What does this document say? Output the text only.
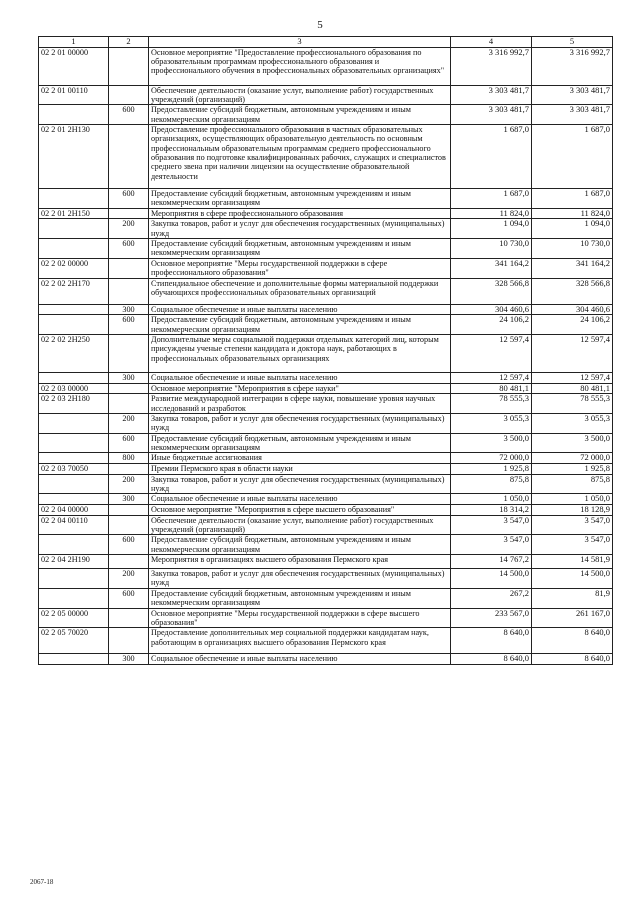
5
1	2	3	4	5
02 2 01 00000		Основное мероприятие "Предоставление профессионального образования по образовательным программам профессионального образования и профессионального обучения в профессиональных образовательных организациях"	3 316 992,7	3 316 992,7
02 2 01 00110		Обеспечение деятельности (оказание услуг, выполнение работ) государственных учреждений (организаций)	3 303 481,7	3 303 481,7
	600	Предоставление субсидий бюджетным, автономным учреждениям и иным некоммерческим организациям	3 303 481,7	3 303 481,7
02 2 01 2Н130		Предоставление профессионального образования в частных образовательных организациях, осуществляющих образовательную деятельность по основным профессиональным образовательным программам среднего профессионального образования по подготовке квалифицированных рабочих, служащих и специалистов среднего звена при наличии лицензии на осуществление образовательной деятельности	1 687,0	1 687,0
	600	Предоставление субсидий бюджетным, автономным учреждениям и иным некоммерческим организациям	1 687,0	1 687,0
02 2 01 2Н150		Мероприятия в сфере профессионального образования	11 824,0	11 824,0
	200	Закупка товаров, работ и услуг для обеспечения государственных (муниципальных) нужд	1 094,0	1 094,0
	600	Предоставление субсидий бюджетным, автономным учреждениям и иным некоммерческим организациям	10 730,0	10 730,0
02 2 02 00000		Основное мероприятие "Меры государственной поддержки в сфере профессионального образования"	341 164,2	341 164,2
02 2 02 2Н170		Стипендиальное обеспечение и дополнительные формы материальной поддержки обучающихся профессиональных образовательных организаций	328 566,8	328 566,8
	300	Социальное обеспечение и иные выплаты населению	304 460,6	304 460,6
	600	Предоставление субсидий бюджетным, автономным учреждениям и иным некоммерческим организациям	24 106,2	24 106,2
02 2 02 2Н250		Дополнительные меры социальной поддержки отдельных категорий лиц, которым присуждены ученые степени кандидата и доктора наук, работающих в профессиональных образовательных организациях	12 597,4	12 597,4
	300	Социальное обеспечение и иные выплаты населению	12 597,4	12 597,4
02 2 03 00000		Основное мероприятие "Мероприятия в сфере науки"	80 481,1	80 481,1
02 2 03 2Н180		Развитие международной интеграции в сфере науки, повышение уровня научных исследований и разработок	78 555,3	78 555,3
	200	Закупка товаров, работ и услуг для обеспечения государственных (муниципальных) нужд	3 055,3	3 055,3
	600	Предоставление субсидий бюджетным, автономным учреждениям и иным некоммерческим организациям	3 500,0	3 500,0
	800	Иные бюджетные ассигнования	72 000,0	72 000,0
02 2 03 70050		Премии Пермского края в области науки	1 925,8	1 925,8
	200	Закупка товаров, работ и услуг для обеспечения государственных (муниципальных) нужд	875,8	875,8
	300	Социальное обеспечение и иные выплаты населению	1 050,0	1 050,0
02 2 04 00000		Основное мероприятие "Мероприятия в сфере высшего образования"	18 314,2	18 128,9
02 2 04 00110		Обеспечение деятельности (оказание услуг, выполнение работ) государственных учреждений (организаций)	3 547,0	3 547,0
	600	Предоставление субсидий бюджетным, автономным учреждениям и иным некоммерческим организациям	3 547,0	3 547,0
02 2 04 2Н190		Мероприятия в организациях высшего образования Пермского края	14 767,2	14 581,9
	200	Закупка товаров, работ и услуг для обеспечения государственных (муниципальных) нужд	14 500,0	14 500,0
	600	Предоставление субсидий бюджетным, автономным учреждениям и иным некоммерческим организациям	267,2	81,9
02 2 05 00000		Основное мероприятие "Меры государственной поддержки в сфере высшего образования"	233 567,0	261 167,0
02 2 05 70020		Предоставление дополнительных мер социальной поддержки кандидатам наук, работающим в организациях высшего образования Пермского края	8 640,0	8 640,0
	300	Социальное обеспечение и иные выплаты населению	8 640,0	8 640,0
2067-18
